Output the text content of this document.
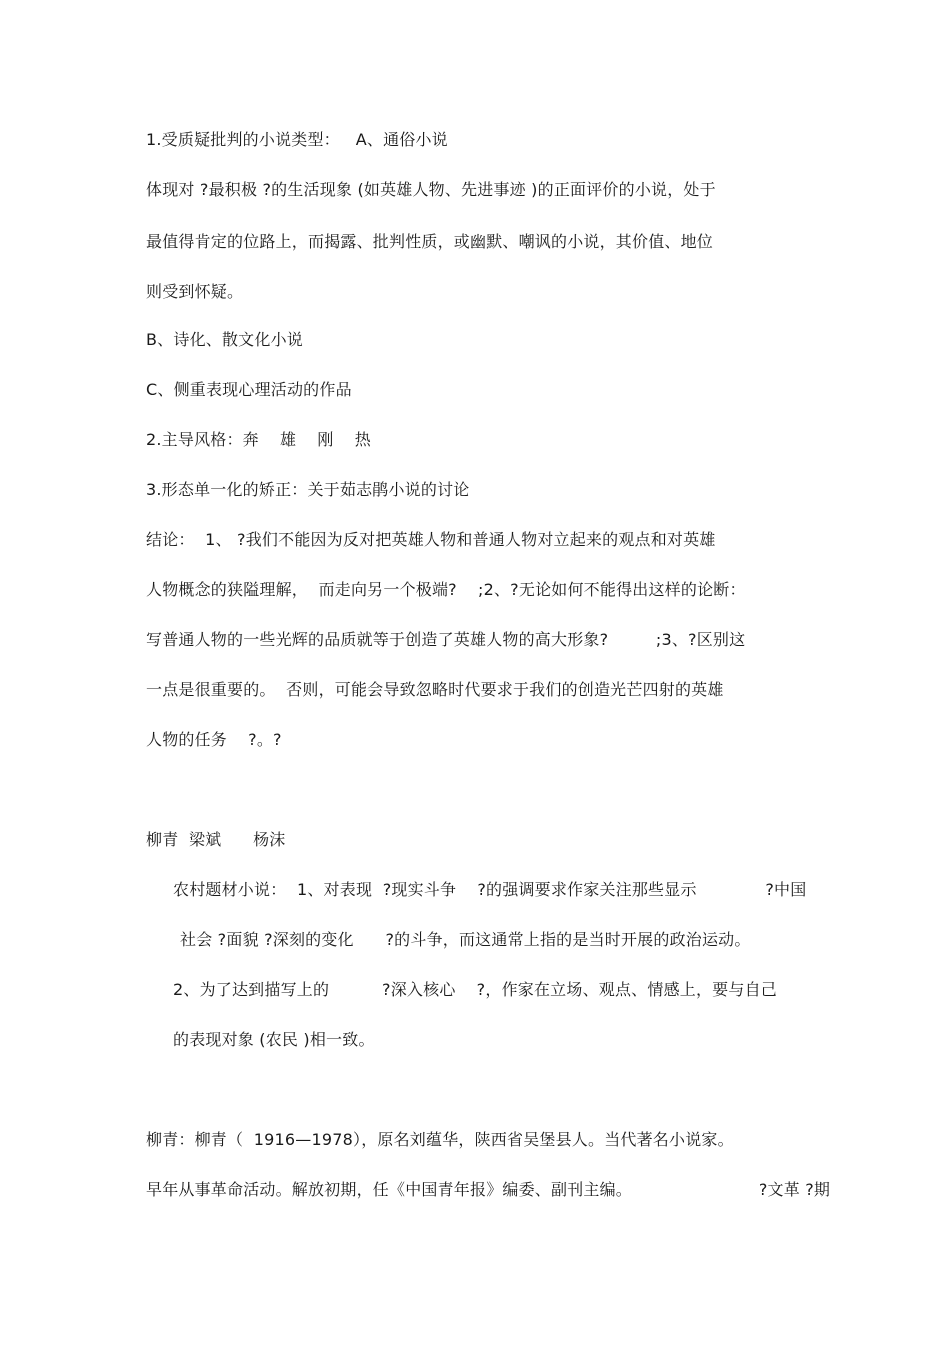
1.受质疑批判的小说类型：   A、通俗小说
体现对 ?最积极 ?的生活现象 (如英雄人物、先进事迹 )的正面评价的小说，处于
最值得肯定的位路上，而揭露、批判性质，或幽默、嘲讽的小说，其价值、地位
则受到怀疑。
B、诗化、散文化小说
C、侧重表现心理活动的作品
2.主导风格：奔    雄    刚    热
3.形态单一化的矫正：关于茹志鹃小说的讨论
结论：  1、 ?我们不能因为反对把英雄人物和普通人物对立起来的观点和对英雄
人物概念的狭隘理解，  而走向另一个极端?    ;2、?无论如何不能得出这样的论断：
写普通人物的一些光辉的品质就等于创造了英雄人物的高大形象?         ;3、?区别这
一点是很重要的。  否则，可能会导致忽略时代要求于我们的创造光芒四射的英雄
人物的任务    ?。?
柳青  梁斌      杨沫
农村题材小说：  1、对表现  ?现实斗争    ?的强调要求作家关注那些显示             ?中国
社会 ?面貌 ?深刻的变化      ?的斗争，而这通常上指的是当时开展的政治运动。
2、为了达到描写上的          ?深入核心    ?，作家在立场、观点、情感上，要与自己
的表现对象 (农民 )相一致。
柳青：柳青（  1916—1978），原名刘蕴华，陕西省吴堡县人。当代著名小说家。
早年从事革命活动。解放初期，任《中国青年报》编委、副刊主编。                        ?文革 ?期
